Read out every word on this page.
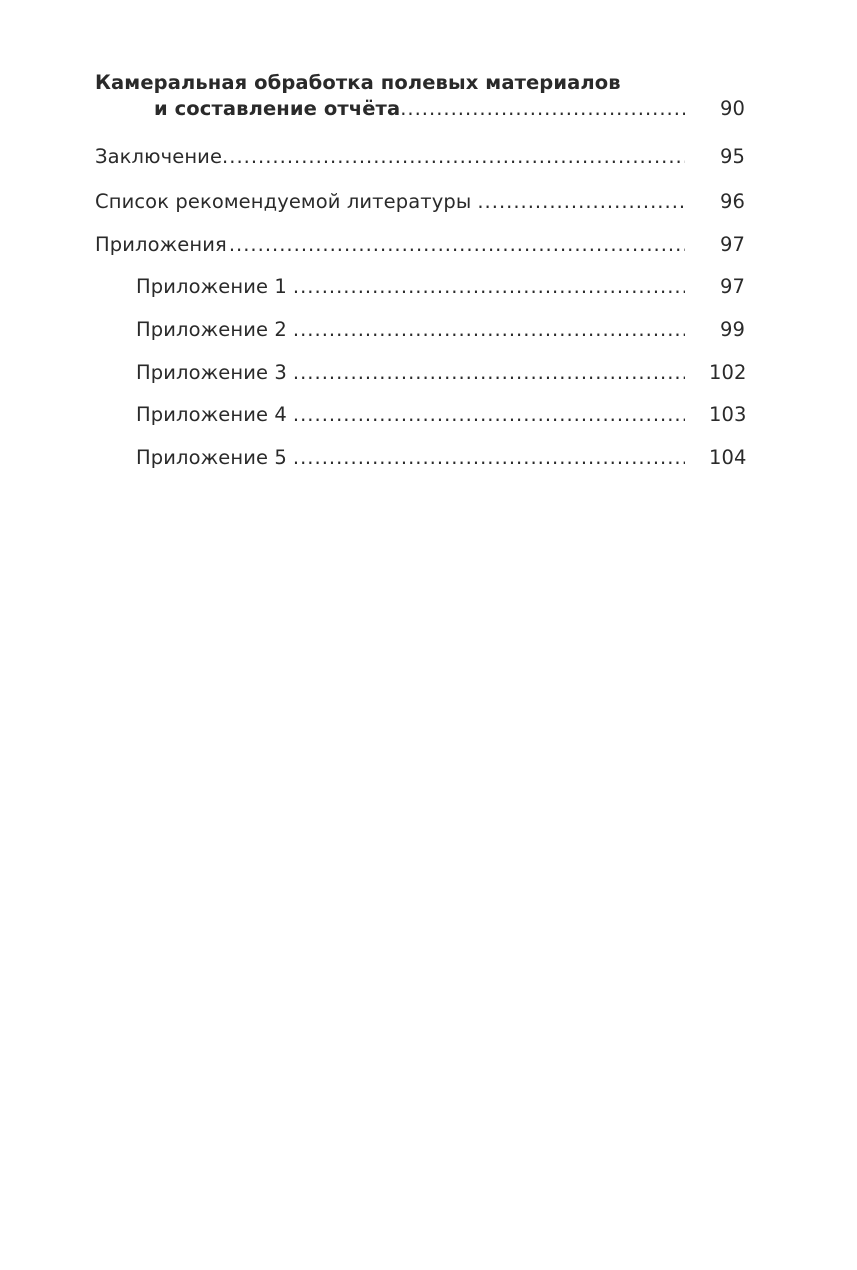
Камеральная обработка полевых материалов
и составление отчёта .....	90
Заключение .....	95
Список рекомендуемой литературы .....	96
Приложения .....	97
Приложение 1 .....	97
Приложение 2 .....	99
Приложение 3 .....	102
Приложение 4 .....	103
Приложение 5 .....	104
